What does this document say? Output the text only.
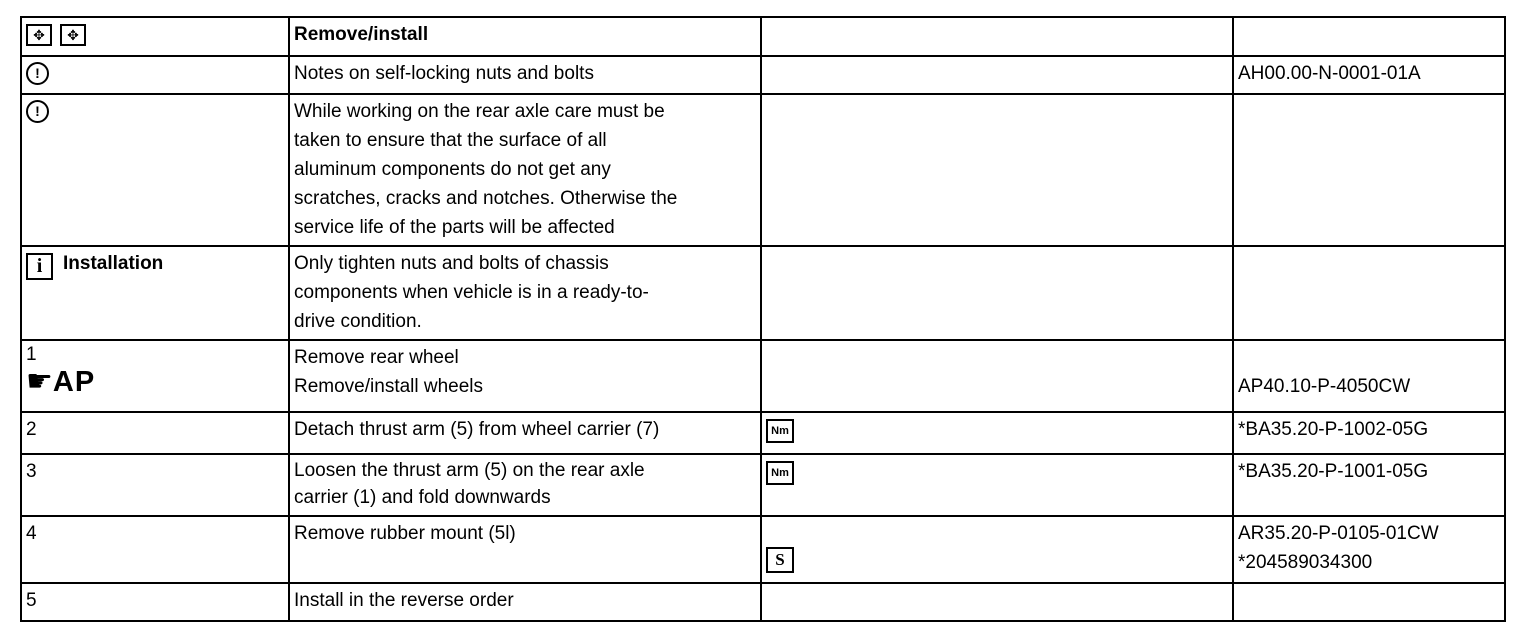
✥ ✥	Remove/install		
!	Notes on self-locking nuts and bolts		AH00.00-N-0001-01A
!	While working on the rear axle care must be
taken to ensure that the surface of all
aluminum components do not get any
scratches, cracks and notches. Otherwise the
service life of the parts will be affected		

i Installation	Only tighten nuts and bolts of chassis
components when vehicle is in a ready-to-
drive condition.		

1
☛AP	Remove rear wheel
Remove/install wheels		AP40.10-P-4050CW
2	Detach thrust arm (5) from wheel carrier (7)	Nm	*BA35.20-P-1002-05G
3	Loosen the thrust arm (5) on the rear axle
carrier (1) and fold downwards	Nm	*BA35.20-P-1001-05G
4	Remove rubber mount (5l)	S	AR35.20-P-0105-01CW
*204589034300

5	Install in the reverse order		
